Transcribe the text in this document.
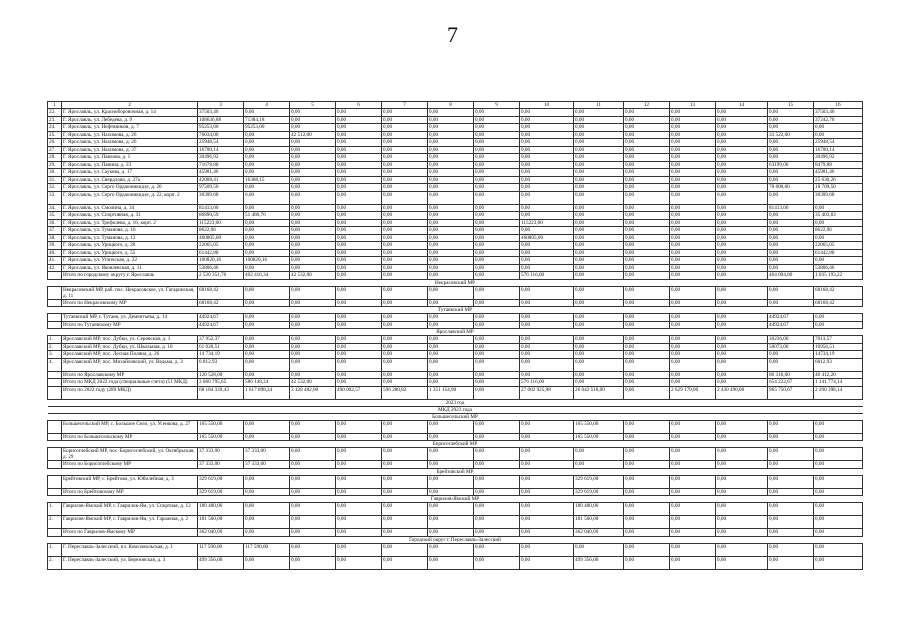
7
1	2	3	4	5	6	7	8	9	10	11	12	13	14	15	16
22.	Г. Ярославль, ул. Красноборовочная, д. 14	37503,46	0,00	0,00	0,00	0,00	0,00	0,00	0,00	0,00	0,00	0,00	0,00	0,00	37503,46
23.	Г. Ярославль, ул. Лебедева, д. 9	108636,88	71384,18	0,00	0,00	0,00	0,00	0,00	0,00	0,00	0,00	0,00	0,00	0,00	37242,70
24.	Г. Ярославль, ул. Нефтяников, д. 7	95253,00	95253,00	0,00	0,00	0,00	0,00	0,00	0,00	0,00	0,00	0,00	0,00	0,00	0,00
25.	Г. Ярославль, ул. Нахимова, д. 26	76034,00	0,00	42 512,00	0,00	0,00	0,00	0,00	0,00	0,00	0,00	0,00	0,00	33 522,00	0,00
26.	Г. Ярославль, ул. Нахимова, д. 26	25948,54	0,00	0,00	0,00	0,00	0,00	0,00	0,00	0,00	0,00	0,00	0,00	0,00	25948,54
27.	Г. Ярославль, ул. Нахимова, д. 37	16700,14	0,00	0,00	0,00	0,00	0,00	0,00	0,00	0,00	0,00	0,00	0,00	0,00	16700,14
28.	Г. Ярославль, ул. Павлова, д. 1	30496,92	0,00	0,00	0,00	0,00	0,00	0,00	0,00	0,00	0,00	0,00	0,00	0,00	30496,92
29.	Г. Ярославль, ул. Панина, д. 23	71678,88	0,00	0,00	0,00	0,00	0,00	0,00	0,00	0,00	0,00	0,00	0,00	63199,00	8479,88
30.	Г. Ярославль, ул. Саукова, д. 17	45981,46	0,00	0,00	0,00	0,00	0,00	0,00	0,00	0,00	0,00	0,00	0,00	0,00	45981,46
31.	Г. Ярославль, ул. Свердлова, д. 27а	42008,41	16368,15	0,00	0,00	0,00	0,00	0,00	0,00	0,00	0,00	0,00	0,00	0,00	25 630,26
32.	Г. Ярославль, ул. Серго Орджоникидзе, д. 20	97509,50	0,00	0,00	0,00	0,00	0,00	0,00	0,00	0,00	0,00	0,00	0,00	78 800,00	18 709,50
33.	Г. Ярославль, ул. Серго Орджоникидзе, д. 22, корп. 2	30399,68	0,00	0,00	0,00	0,00	0,00	0,00	0,00	0,00	0,00	0,00	0,00	0,00	30399,68
34.	Г. Ярославль, ул. Смолина, д. 34	81413,00	0,00	0,00	0,00	0,00	0,00	0,00	0,00	0,00	0,00	0,00	0,00	81413,00	0,00
35.	Г. Ярославль, ул. Спортивная, д. 31	86890,59	51 486,76	0,00	0,00	0,00	0,00	0,00	0,00	0,00	0,00	0,00	0,00	0,00	35 403,83
36.	Г. Ярославль, ул. Трефолева, д. 16, корп. 2	115223,00	0,00	0,00	0,00	0,00	0,00	0,00	115223,00	0,00	0,00	0,00	0,00	0,00	0,00
37.	Г. Ярославль, ул. Туманова, д. 16	8622,96	0,00	0,00	0,00	0,00	0,00	0,00	0,00	0,00	0,00	0,00	0,00	0,00	8622,96
38.	Г. Ярославль, ул. Туманова, д. 12	460805,00	0,00	0,00	0,00	0,00	0,00	0,00	460805,00	0,00	0,00	0,00	0,00	0,00	0,00
39.	Г. Ярославль, ул. Урицкого, д. 28	22065,05	0,00	0,00	0,00	0,00	0,00	0,00	0,00	0,00	0,00	0,00	0,00	0,00	22065,05
40.	Г. Ярославль, ул. Урицкого, д. 55	61442,88	0,00	0,00	0,00	0,00	0,00	0,00	0,00	0,00	0,00	0,00	0,00	0,00	61442,88
41.	Г. Ярославль, ул. Угличская, д. 22	100820,16	100820,16	0,00	0,00	0,00	0,00	0,00	0,00	0,00	0,00	0,00	0,00	0,00	0,00
42.	Г. Ярославль, ул. Яковлевская, д. 11	53806,46	0,00	0,00	0,00	0,00	0,00	0,00	0,00	0,00	0,00	0,00	0,00	0,00	53806,46
	Итого по городскому округу г. Ярославль	2 520 351,76	402 416,34	42 532,00	0,00	0,00	0,00	0,00	576 116,00	0,00	0,00	0,00	0,00	464 094,00	1 035 193,22
Некрасовский МР															
	Некрасовский МР, раб. пос. Некрасовское, ул. Гагаринская, д. 11	68168,42	0,00	0,00	0,00	0,00	0,00	0,00	0,00	0,00	0,00	0,00	0,00	0,00	68168,42
	Итого по Некрасовскому МР	68168,42	0,00	0,00	0,00	0,00	0,00	0,00	0,00	0,00	0,00	0,00	0,00	0,00	68168,42
Тутаевский МР															
	Тутаевский МР, г. Тутаев, ул. Дементьева, д. 14	44924,67	0,00	0,00	0,00	0,00	0,00	0,00	0,00	0,00	0,00	0,00	0,00	44924,67	0,00
	Итого по Тутаевскому МР	44924,67	0,00	0,00	0,00	0,00	0,00	0,00	0,00	0,00	0,00	0,00	0,00	44924,67	0,00
Ярославский МР															
1.	Ярославский МР, пос. Дубки, ул. Серовская, д. 1	37 952,37	0,00	0,00	0,00	0,00	0,00	0,00	0,00	0,00	0,00	0,00	0,00	30236,00	7013,57
2.	Ярославский МР, пос. Дубки, ул. Школьная, д. 10	61 028,51	0,00	0,00	0,00	0,00	0,00	0,00	0,00	0,00	0,00	0,00	0,00	50073,00	10956,51
3.	Ярославский МР, пос. Лесная Поляна, д. 26	14 734,19	0,00	0,00	0,00	0,00	0,00	0,00	0,00	0,00	0,00	0,00	0,00	0,00	14734,19
4.	Ярославский МР, пос. Михайловский, ул. Ведьма, д. 3	6 812,93	0,00	0,00	0,00	0,00	0,00	0,00	0,00	0,00	0,00	0,00	0,00	0,00	6812,93
	Итого по Ярославскому МР	120 528,00	0,00	0,00	0,00	0,00	0,00	0,00	0,00	0,00	0,00	0,00	0,00	80 316,00	40 412,20
	Итого по МКД 2022 года (специальные счета) (51 МКД)	3 060 795,65	586 148,24	42 532,00	0,00	0,00	0,00	0,00	576 116,00	0,00	0,00	0,00	0,00	654 222,67	1 141 774,14
	Итого по 2022 году (289 МКД)	68 184 339,43	1 617 898,24	3 128 482,00	490 002,57	596 280,82	1 351 154,90	0,00	27 002 925,98	26 042 518,00	0,00	2 629 179,00	2 430 490,00	965 750,67	2 290 398,14
2023 год															
МКД 2023 года															
Большесельский МР															
	Большесельский МР, с. Большое Село, ул. Усенкова, д. 27	165 550,00	0,00	0,00	0,00	0,00	0,00	0,00	0,00	165 550,00	0,00	0,00	0,00	0,00	0,00
	Итого по Большесельскому МР	165 550,00	0,00	0,00	0,00	0,00	0,00	0,00	0,00	165 550,00	0,00	0,00	0,00	0,00	0,00
Борисоглебский МР															
	Борисоглебский МР, пос. Борисоглебский, ул. Октябрьская, д. 29	37 333,00	37 333,00	0,00	0,00	0,00	0,00	0,00	0,00	0,00	0,00	0,00	0,00	0,00	0,00
	Итого по Борисоглебскому МР	37 333,00	37 333,00	0,00	0,00	0,00	0,00	0,00	0,00	0,00	0,00	0,00	0,00	0,00	0,00
Брейтовский МР															
	Брейтовский МР, с. Брейтово, ул. Юбилейная, д. 3	329 619,00	0,00	0,00	0,00	0,00	0,00	0,00	0,00	329 619,00	0,00	0,00	0,00	0,00	0,00
	Итого по Брейтовскому МР	329 619,00	0,00	0,00	0,00	0,00	0,00	0,00	0,00	329 619,00	0,00	0,00	0,00	0,00	0,00
Гаврилов-Ямский МР															
1.	Гаврилов-Ямский МР, г. Гаврилов-Ям, ул. Спортная, д. 12	180 480,00	0,00	0,00	0,00	0,00	0,00	0,00	0,00	180 480,00	0,00	0,00	0,00	0,00	0,00
2.	Гаврилов-Ямский МР, г. Гаврилов-Ям, ул. Гаражная, д. 2	181 560,00	0,00	0,00	0,00	0,00	0,00	0,00	0,00	181 560,00	0,00	0,00	0,00	0,00	0,00
	Итого по Гаврилов-Ямскому МР	362 040,00	0,00	0,00	0,00	0,00	0,00	0,00	0,00	362 040,00	0,00	0,00	0,00	0,00	0,00
Городской округ г. Переславль-Залесский															
1.	Г. Переславль-Залесский, пл. Комсомольская, д. 1	117 590,00	117 590,00	0,00	0,00	0,00	0,00	0,00	0,00	0,00	0,00	0,00	0,00	0,00	0,00
2.	Г. Переславль-Залесский, ул. Березовская, д. 3	499 356,00	0,00	0,00	0,00	0,00	0,00	0,00	0,00	499 356,00	0,00	0,00	0,00	0,00	0,00
